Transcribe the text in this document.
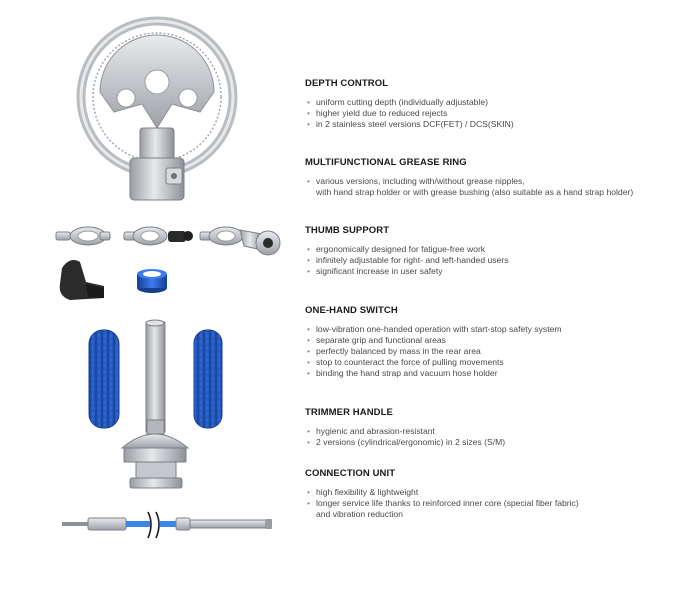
DEPTH CONTROL
• uniform cutting depth (individually adjustable)
• higher yield due to reduced rejects
• in 2 stainless steel versions DCF(FET) / DCS(SKIN)
MULTIFUNCTIONAL GREASE RING
• various versions, including with/without grease nipples,
with hand strap holder or with grease bushing (also suitable as a hand strap holder)
THUMB SUPPORT
• ergonomically designed for fatigue-free work
• infinitely adjustable for right- and left-handed users
• significant increase in user safety
ONE-HAND SWITCH
• low-vibration one-handed operation with start-stop safety system
• separate grip and functional areas
• perfectly balanced by mass in the rear area
• stop to counteract the force of pulling movements
• binding the hand strap and vacuum hose holder
TRIMMER HANDLE
• hygienic and abrasion-resistant
• 2 versions (cylindrical/ergonomic) in 2 sizes (S/M)
CONNECTION UNIT
• high flexibility & lightweight
• longer service life thanks to reinforced inner core (special fiber fabric)
and vibration reduction
